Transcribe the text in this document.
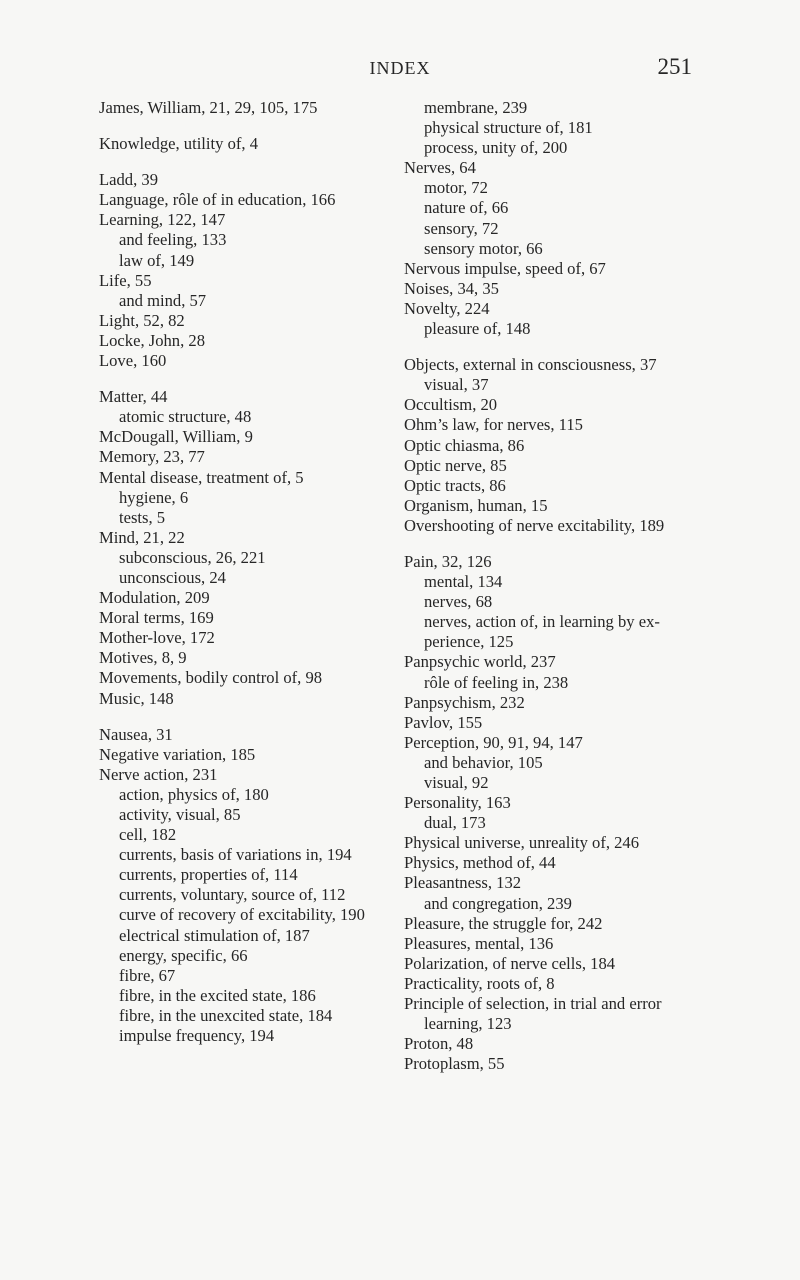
INDEX	251
James, William, 21, 29, 105, 175
Knowledge, utility of, 4
Ladd, 39
Language, rôle of in education, 166
Learning, 122, 147
and feeling, 133
law of, 149
Life, 55
and mind, 57
Light, 52, 82
Locke, John, 28
Love, 160
Matter, 44
atomic structure, 48
McDougall, William, 9
Memory, 23, 77
Mental disease, treatment of, 5
hygiene, 6
tests, 5
Mind, 21, 22
subconscious, 26, 221
unconscious, 24
Modulation, 209
Moral terms, 169
Mother-love, 172
Motives, 8, 9
Movements, bodily control of, 98
Music, 148
Nausea, 31
Negative variation, 185
Nerve action, 231
action, physics of, 180
activity, visual, 85
cell, 182
currents, basis of variations in, 194
currents, properties of, 114
currents, voluntary, source of, 112
curve of recovery of excitability, 190
electrical stimulation of, 187
energy, specific, 66
fibre, 67
fibre, in the excited state, 186
fibre, in the unexcited state, 184
impulse frequency, 194
membrane, 239
physical structure of, 181
process, unity of, 200
Nerves, 64
motor, 72
nature of, 66
sensory, 72
sensory motor, 66
Nervous impulse, speed of, 67
Noises, 34, 35
Novelty, 224
pleasure of, 148
Objects, external in consciousness, 37
visual, 37
Occultism, 20
Ohm’s law, for nerves, 115
Optic chiasma, 86
Optic nerve, 85
Optic tracts, 86
Organism, human, 15
Overshooting of nerve excitability, 189
Pain, 32, 126
mental, 134
nerves, 68
nerves, action of, in learning by ex-
perience, 125
Panpsychic world, 237
rôle of feeling in, 238
Panpsychism, 232
Pavlov, 155
Perception, 90, 91, 94, 147
and behavior, 105
visual, 92
Personality, 163
dual, 173
Physical universe, unreality of, 246
Physics, method of, 44
Pleasantness, 132
and congregation, 239
Pleasure, the struggle for, 242
Pleasures, mental, 136
Polarization, of nerve cells, 184
Practicality, roots of, 8
Principle of selection, in trial and error
learning, 123
Proton, 48
Protoplasm, 55
